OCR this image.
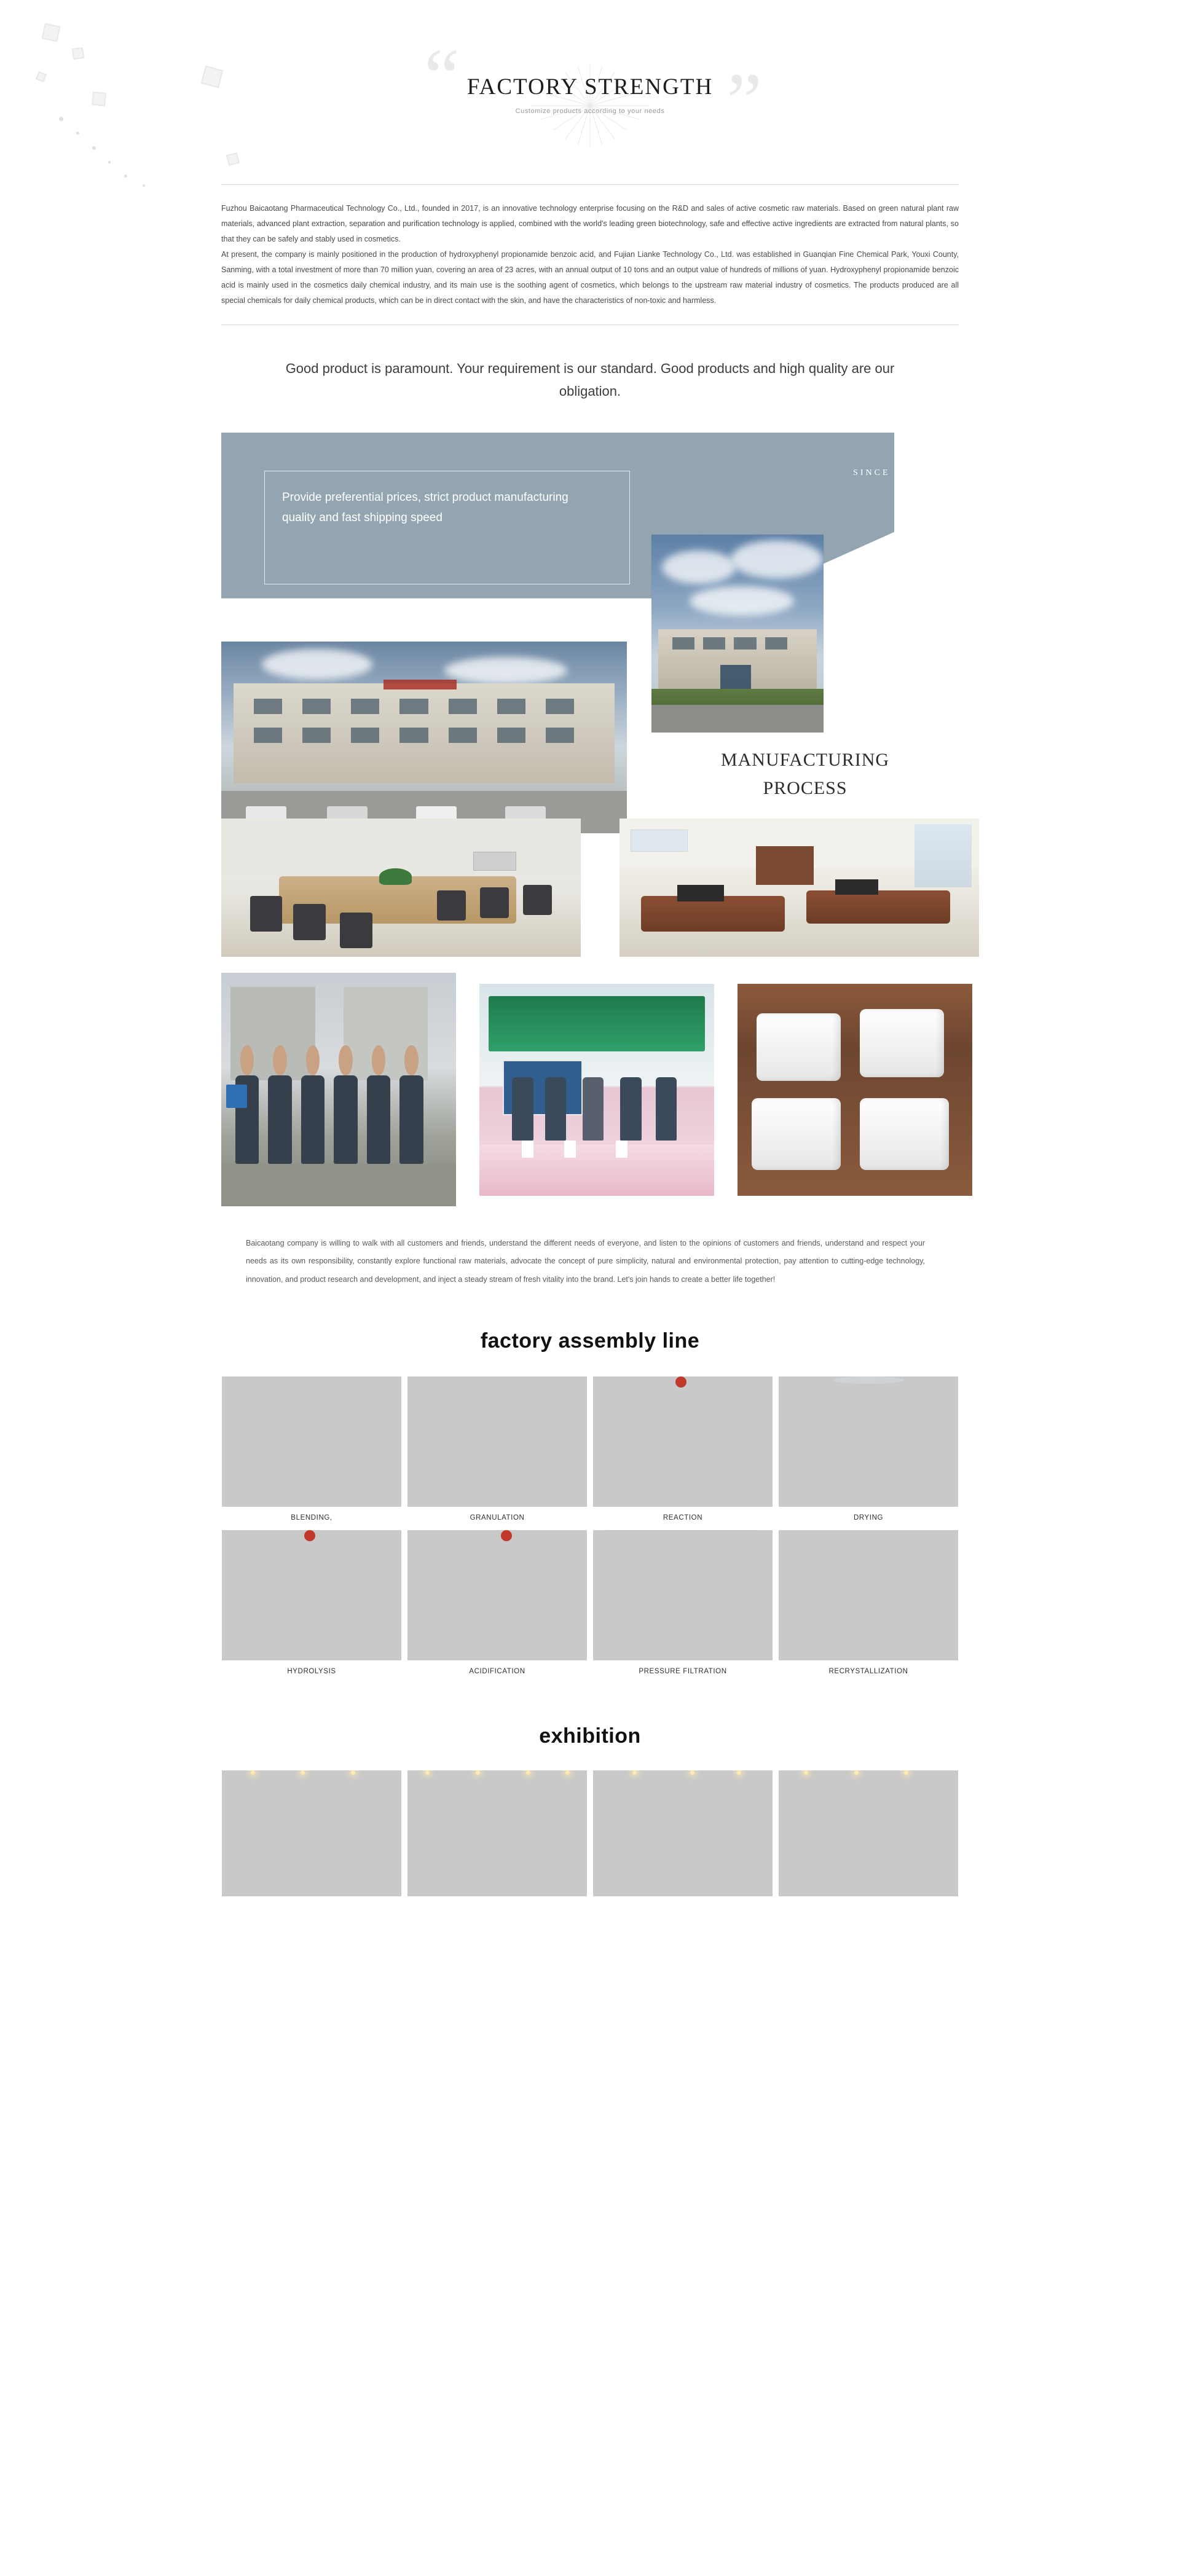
“	”
FACTORY STRENGTH
Customize products according to your needs

Fuzhou Baicaotang Pharmaceutical Technology Co., Ltd., founded in 2017, is an innovative technology enterprise focusing on the R&D and sales of active cosmetic raw materials. Based on green natural plant raw materials, advanced plant extraction, separation and purification technology is applied, combined with the world's leading green biotechnology, safe and effective active ingredients are extracted from natural plants, so that they can be safely and stably used in cosmetics.

At present, the company is mainly positioned in the production of hydroxyphenyl propionamide benzoic acid, and Fujian Lianke Technology Co., Ltd. was established in Guanqian Fine Chemical Park, Youxi County, Sanming, with a total investment of more than 70 million yuan, covering an area of 23 acres, with an annual output of 10 tons and an output value of hundreds of millions of yuan. Hydroxyphenyl propionamide benzoic acid is mainly used in the cosmetics daily chemical industry, and its main use is the soothing agent of cosmetics, which belongs to the upstream raw material industry of cosmetics. The products produced are all special chemicals for daily chemical products, which can be in direct contact with the skin, and have the characteristics of non-toxic and harmless.

Good product is paramount. Your requirement is our standard. Good products and high quality are our obligation.
SINCE 2015
Provide preferential prices, strict product manufacturing quality and fast shipping speed
MANUFACTURING
PROCESS
Baicaotang company is willing to walk with all customers and friends, understand the different needs of everyone, and listen to the opinions of customers and friends, understand and respect your needs as its own responsibility, constantly explore functional raw materials, advocate the concept of pure simplicity, natural and environmental protection, pay attention to cutting-edge technology, innovation, and product research and development, and inject a steady stream of fresh vitality into the brand. Let's join hands to create a better life together!
factory assembly line
BLENDING,	GRANULATION	REACTION	DRYING
HYDROLYSIS	ACIDIFICATION	PRESSURE FILTRATION	RECRYSTALLIZATION
exhibition
